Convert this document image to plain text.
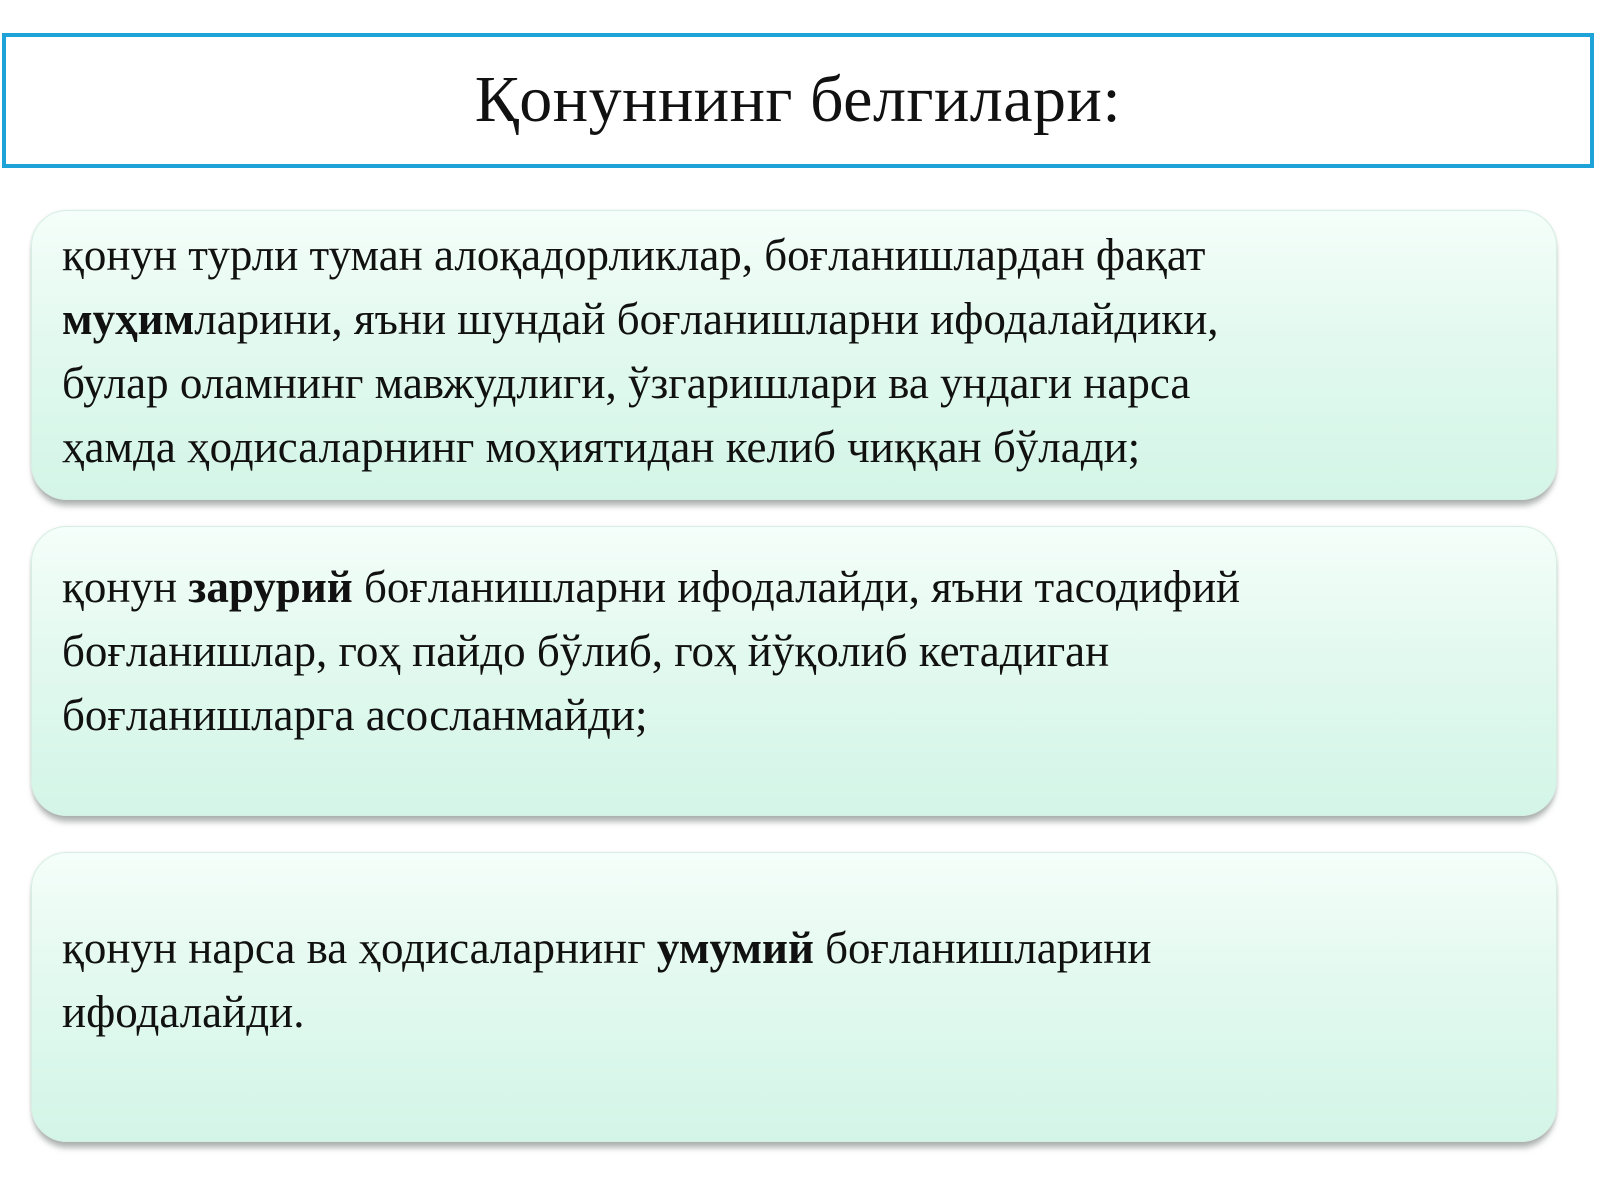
Қонуннинг белгилари:

қонун турли туман алоқадорликлар, боғланишлардан фақат
муҳимларини, яъни шундай боғланишларни ифодалайдики,
булар оламнинг мавжудлиги, ўзгаришлари ва ундаги нарса
ҳамда ҳодисаларнинг моҳиятидан келиб чиққан бўлади;

қонун зарурий боғланишларни ифодалайди, яъни тасодифий
боғланишлар, гоҳ пайдо бўлиб, гоҳ йўқолиб кетадиган
боғланишларга асосланмайди;

қонун нарса ва ҳодисаларнинг умумий боғланишларини
ифодалайди.
